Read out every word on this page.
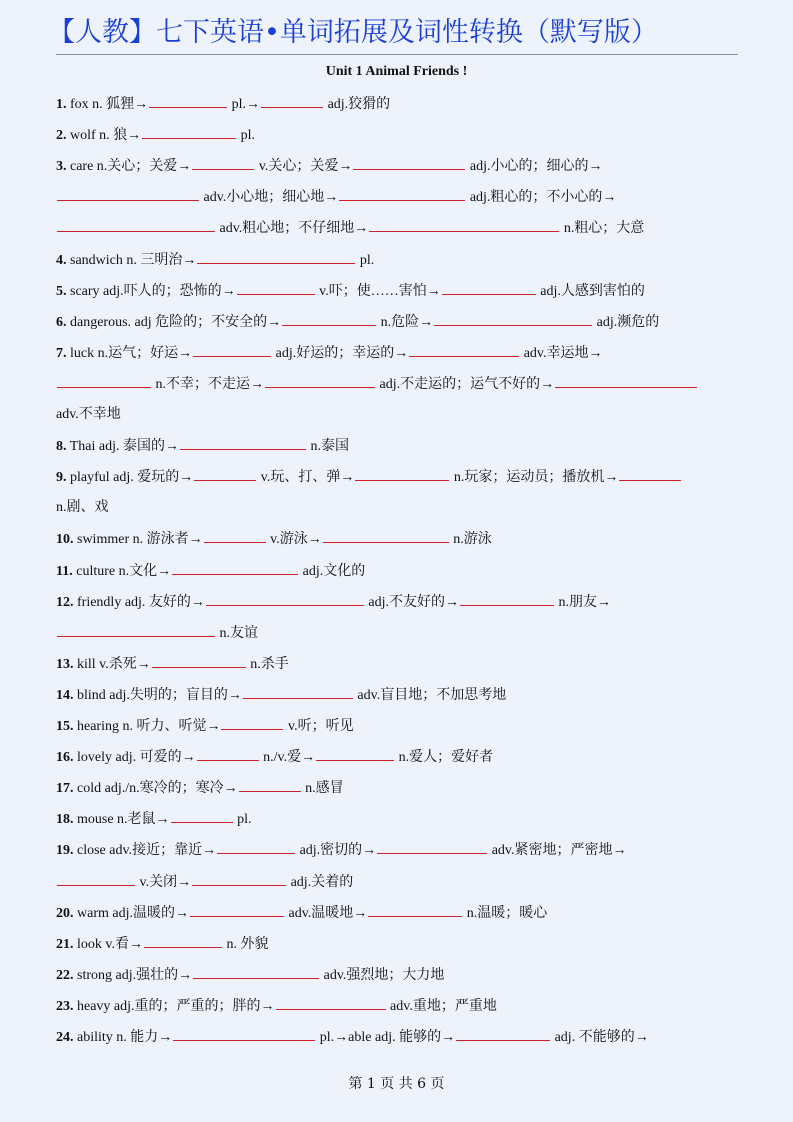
【人教】七下英语•单词拓展及词性转换（默写版）
Unit 1 Animal Friends !
1. fox n. 狐狸→	pl.→	adj.狡猾的
2. wolf n. 狼→	pl.
3. care n.关心；关爱→	v.关心；关爱→	adj.小心的；细心的→
adv.小心地；细心地→	adj.粗心的；不小心的→
adv.粗心地；不仔细地→	n.粗心；大意
4. sandwich n. 三明治→	pl.
5. scary adj.吓人的；恐怖的→	v.吓；使……害怕→	adj.人感到害怕的
6. dangerous. adj 危险的；不安全的→	n.危险→	adj.濒危的
7. luck n.运气；好运→	adj.好运的；幸运的→	adv.幸运地→
n.不幸；不走运→	adj.不走运的；运气不好的→
adv.不幸地
8. Thai adj. 泰国的→	n.泰国
9. playful adj. 爱玩的→	v.玩、打、弹→	n.玩家；运动员；播放机→
n.剧、戏
10. swimmer n. 游泳者→	v.游泳→	n.游泳
11. culture n.文化→	adj.文化的
12. friendly adj. 友好的→	adj.不友好的→	n.朋友→
n.友谊
13. kill v.杀死→	n.杀手
14. blind adj.失明的；盲目的→	adv.盲目地；不加思考地
15. hearing n. 听力、听觉→	v.听；听见
16. lovely adj. 可爱的→	n./v.爱→	n.爱人；爱好者
17. cold adj./n.寒冷的；寒冷→	n.感冒
18. mouse n.老鼠→	pl.
19. close adv.接近；靠近→	adj.密切的→	adv.紧密地；严密地→
v.关闭→	adj.关着的
20. warm adj.温暖的→	adv.温暖地→	n.温暖；暖心
21. look v.看→	n. 外貌
22. strong adj.强壮的→	adv.强烈地；大力地
23. heavy adj.重的；严重的；胖的→	adv.重地；严重地
24. ability n. 能力→	pl.→able adj. 能够的→	adj. 不能够的→
第 1 页 共 6 页
